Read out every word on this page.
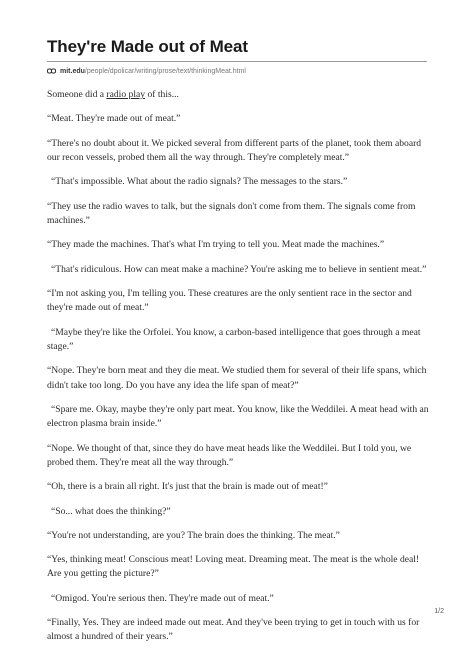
They're Made out of Meat
mit.edu /people/dpolicar/writing/prose/text/thinkingMeat.html

Someone did a radio play of this...

“Meat. They're made out of meat.”

“There's no doubt about it. We picked several from different parts of the planet, took them aboard our recon vessels, probed them all the way through. They're completely meat.”

“That's impossible. What about the radio signals? The messages to the stars.”

“They use the radio waves to talk, but the signals don't come from them. The signals come from machines.”

“They made the machines. That's what I'm trying to tell you. Meat made the machines.”

“That's ridiculous. How can meat make a machine? You're asking me to believe in sentient meat.”

“I'm not asking you, I'm telling you. These creatures are the only sentient race in the sector and they're made out of meat.”

“Maybe they're like the Orfolei. You know, a carbon-based intelligence that goes through a meat stage.”

“Nope. They're born meat and they die meat. We studied them for several of their life spans, which didn't take too long. Do you have any idea the life span of meat?”

“Spare me. Okay, maybe they're only part meat. You know, like the Weddilei. A meat head with an electron plasma brain inside.”

“Nope. We thought of that, since they do have meat heads like the Weddilei. But I told you, we probed them. They're meat all the way through.”

“Oh, there is a brain all right. It's just that the brain is made out of meat!”

“So... what does the thinking?”

“You're not understanding, are you? The brain does the thinking. The meat.”

“Yes, thinking meat! Conscious meat! Loving meat. Dreaming meat. The meat is the whole deal! Are you getting the picture?”

“Omigod. You're serious then. They're made out of meat.”

“Finally, Yes. They are indeed made out meat. And they've been trying to get in touch with us for almost a hundred of their years.”

1/2
